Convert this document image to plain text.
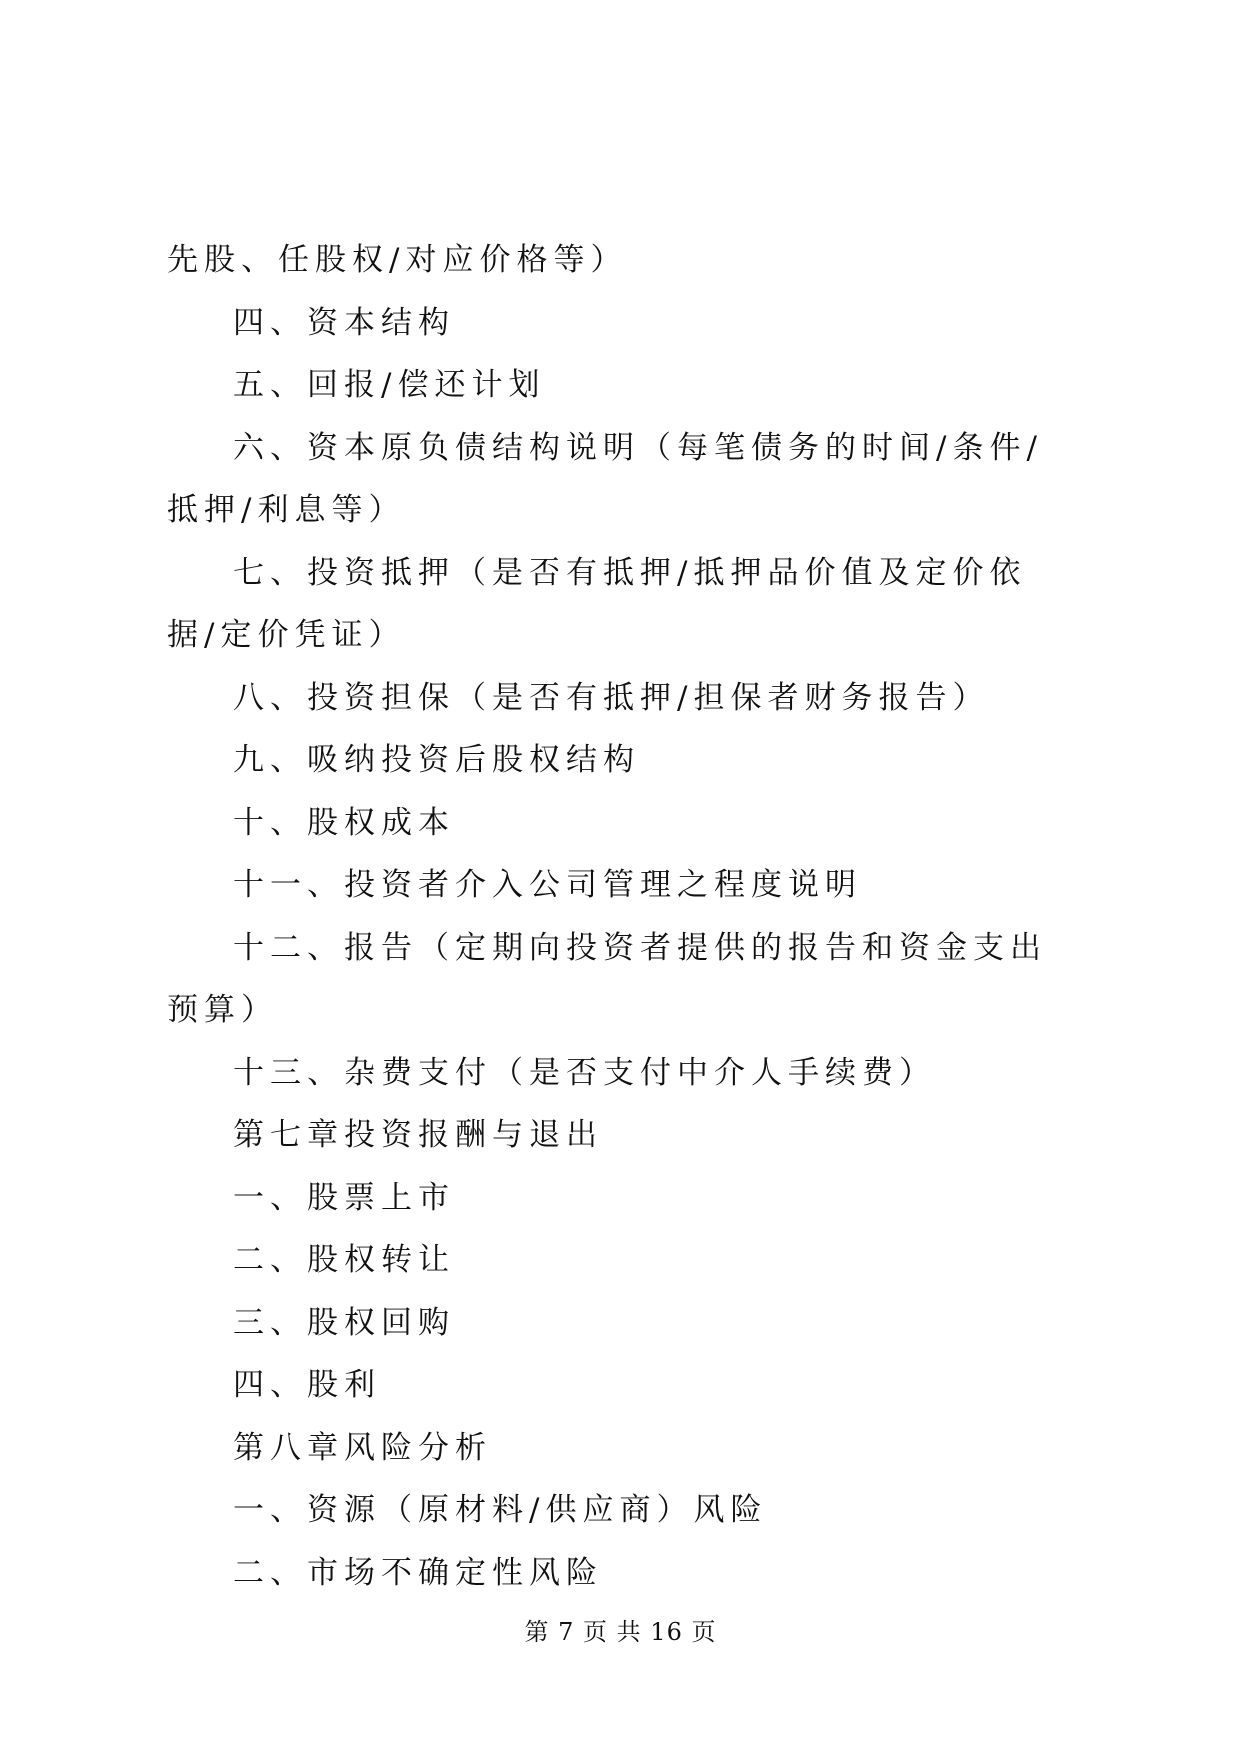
先股、任股权/对应价格等）

四、资本结构

五、回报/偿还计划

六、资本原负债结构说明（每笔债务的时间/条件/抵押/利息等）

七、投资抵押（是否有抵押/抵押品价值及定价依据/定价凭证）

八、投资担保（是否有抵押/担保者财务报告）

九、吸纳投资后股权结构

十、股权成本

十一、投资者介入公司管理之程度说明

十二、报告（定期向投资者提供的报告和资金支出预算）

十三、杂费支付（是否支付中介人手续费）

第七章投资报酬与退出

一、股票上市

二、股权转让

三、股权回购

四、股利

第八章风险分析

一、资源（原材料/供应商）风险

二、市场不确定性风险

第 7 页 共 16 页
